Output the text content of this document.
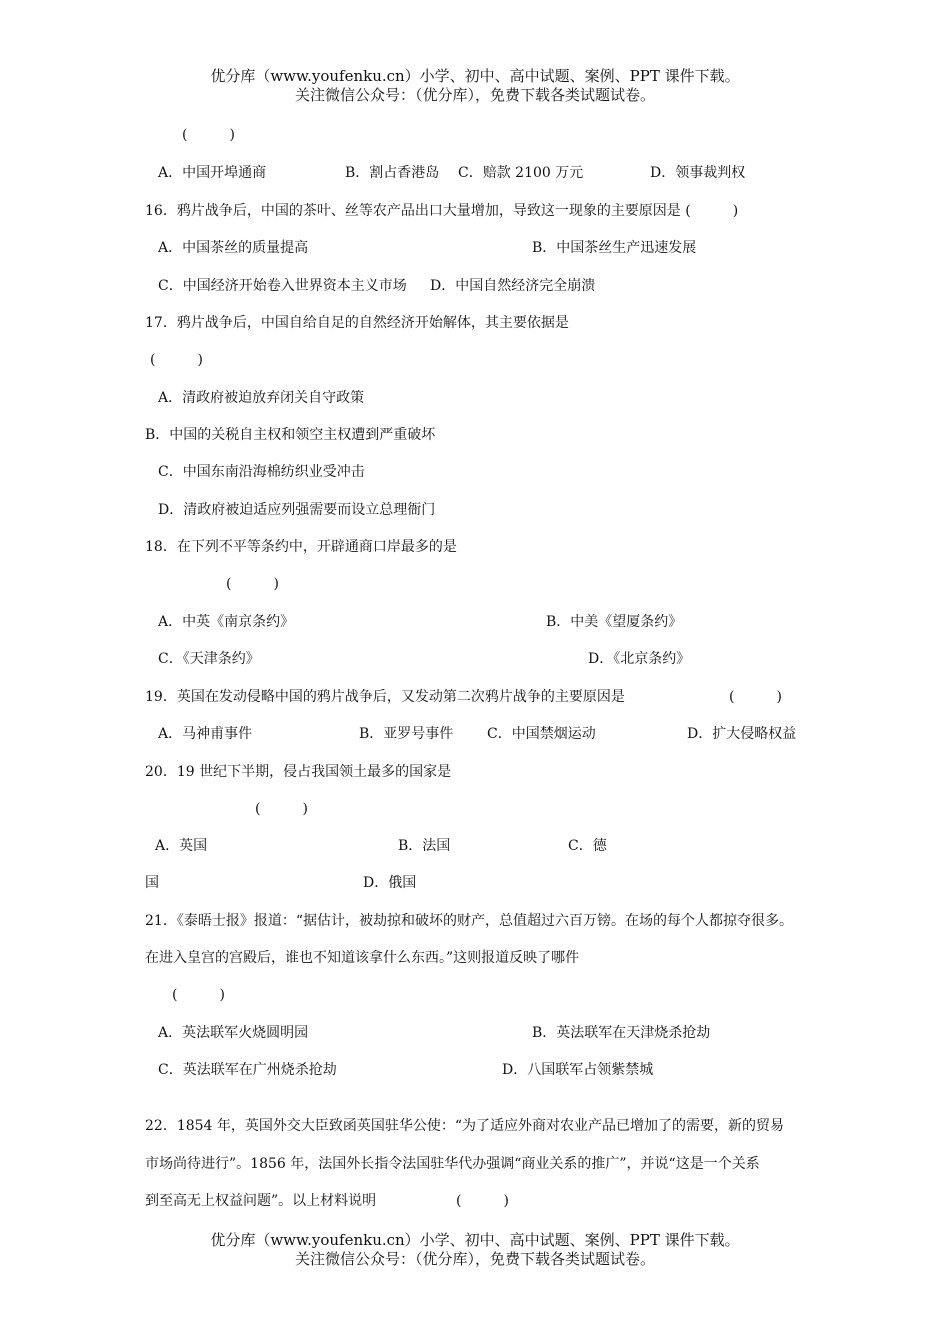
优分库（www.youfenku.cn）小学、初中、高中试题、案例、PPT 课件下载。
关注微信公众号：（优分库），免费下载各类试题试卷。
(　　　)
A．中国开埠通商	B．割占香港岛 C．赔款 2100 万元	D．领事裁判权
16．鸦片战争后，中国的茶叶、丝等农产品出口大量增加，导致这一现象的主要原因是 (　　　)
A．中国茶丝的质量提高	B．中国茶丝生产迅速发展
C．中国经济开始卷入世界资本主义市场 D．中国自然经济完全崩溃
17．鸦片战争后，中国自给自足的自然经济开始解体，其主要依据是
(　　　)
A．清政府被迫放弃闭关自守政策
B．中国的关税自主权和领空主权遭到严重破坏
C．中国东南沿海棉纺织业受冲击
D．清政府被迫适应列强需要而设立总理衙门
18．在下列不平等条约中，开辟通商口岸最多的是
(　　　)
A．中英《南京条约》	B．中美《望厦条约》
C．《天津条约》	D．《北京条约》
19．英国在发动侵略中国的鸦片战争后，又发动第二次鸦片战争的主要原因是	(　　　)
A．马神甫事件	B．亚罗号事件 C．中国禁烟运动	D．扩大侵略权益
20．19 世纪下半期，侵占我国领土最多的国家是
(　　　)
A．英国	B．法国	C．德
国	D．俄国
21．《泰晤士报》报道：“据估计，被劫掠和破坏的财产，总值超过六百万镑。在场的每个人都掠夺很多。
在进入皇宫的宫殿后，谁也不知道该拿什么东西。”这则报道反映了哪件
(　　　)
A．英法联军火烧圆明园	B．英法联军在天津烧杀抢劫
C．英法联军在广州烧杀抢劫	D．八国联军占领紫禁城
22．1854 年，英国外交大臣致函英国驻华公使：“为了适应外商对农业产品已增加了的需要，新的贸易
市场尚待进行”。1856 年，法国外长指令法国驻华代办强调“商业关系的推广”，并说“这是一个关系
到至高无上权益问题”。以上材料说明	(　　　)
优分库（www.youfenku.cn）小学、初中、高中试题、案例、PPT 课件下载。
关注微信公众号：（优分库），免费下载各类试题试卷。
